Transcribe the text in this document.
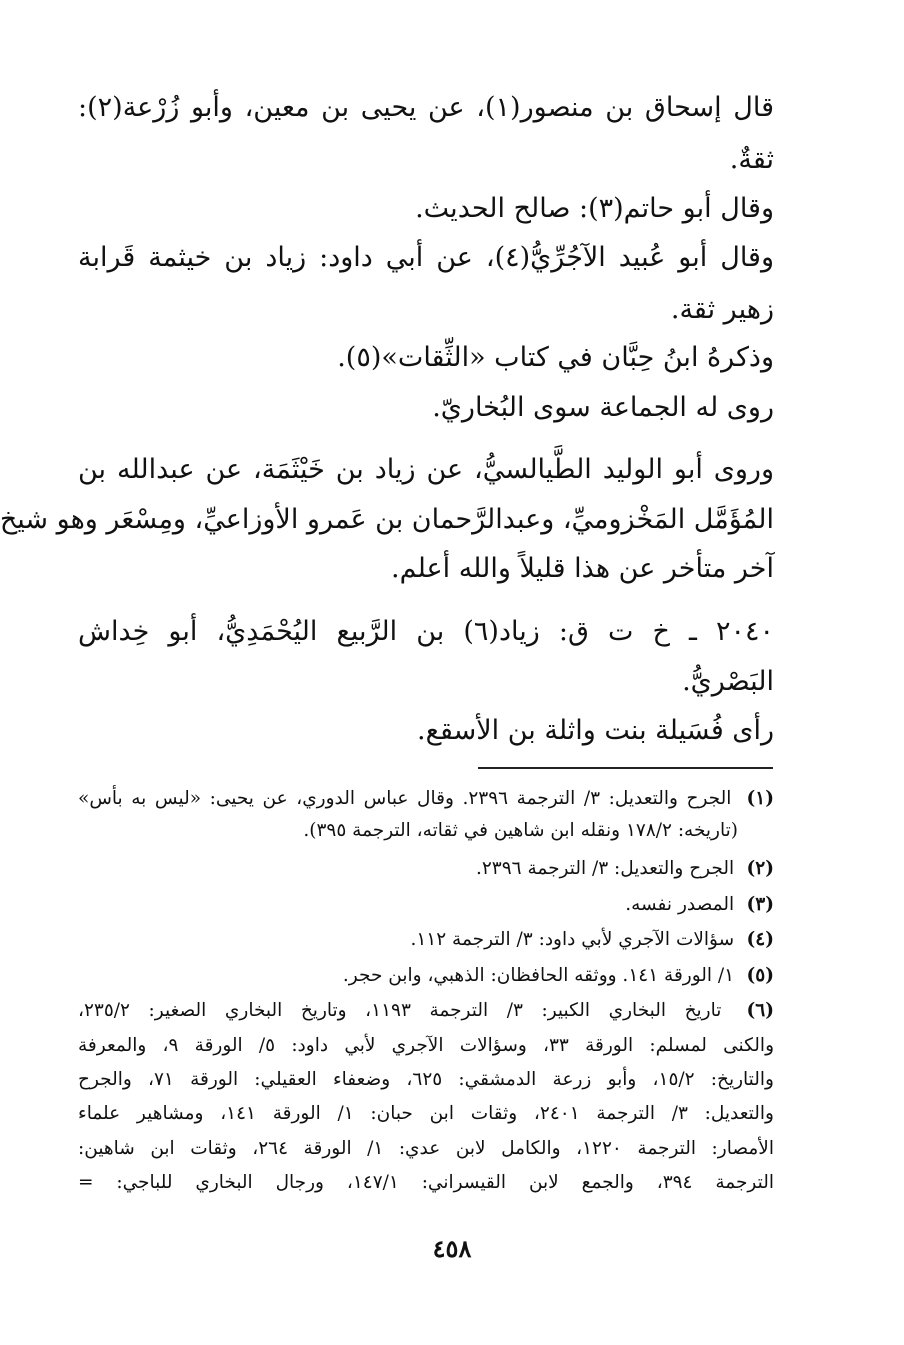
قال إسحاق بن منصور(١)، عن يحيى بن معين، وأبو زُرْعة(٢):
ثقةٌ.
وقال أبو حاتم(٣): صالح الحديث.
وقال أبو عُبيد الآجُرِّيُّ(٤)، عن أبي داود: زياد بن خيثمة قَرابة
زهير ثقة.
وذكرهُ ابنُ حِبَّان في كتاب «الثِّقات»(٥).
روى له الجماعة سوى البُخاريّ.
وروى أبو الوليد الطَّيالسيُّ، عن زياد بن خَيْثَمَة، عن عبدالله بن
المُؤَمَّل المَخْزوميِّ، وعبدالرَّحمان بن عَمرو الأوزاعيِّ، ومِسْعَر وهو شيخ
آخر متأخر عن هذا قليلاً والله أعلم.
٢٠٤٠ ـ خ ت ق: زياد(٦) بن الرَّبيع اليُحْمَدِيُّ، أبو خِداش
البَصْريُّ.
رأى فُسَيلة بنت واثلة بن الأسقع.
(١) الجرح والتعديل: ٣/ الترجمة ٢٣٩٦. وقال عباس الدوري، عن يحيى: «ليس به بأس»
(تاريخه: ١٧٨/٢ ونقله ابن شاهين في ثقاته، الترجمة ٣٩٥).
(٢) الجرح والتعديل: ٣/ الترجمة ٢٣٩٦.
(٣) المصدر نفسه.
(٤) سؤالات الآجري لأبي داود: ٣/ الترجمة ١١٢.
(٥) ١/ الورقة ١٤١. ووثقه الحافظان: الذهبي، وابن حجر.
(٦) تاريخ البخاري الكبير: ٣/ الترجمة ١١٩٣، وتاريخ البخاري الصغير: ٢٣٥/٢،
والكنى لمسلم: الورقة ٣٣، وسؤالات الآجري لأبي داود: ٥/ الورقة ٩، والمعرفة
والتاريخ: ١٥/٢، وأبو زرعة الدمشقي: ٦٢٥، وضعفاء العقيلي: الورقة ٧١، والجرح
والتعديل: ٣/ الترجمة ٢٤٠١، وثقات ابن حبان: ١/ الورقة ١٤١، ومشاهير علماء
الأمصار: الترجمة ١٢٢٠، والكامل لابن عدي: ١/ الورقة ٢٦٤، وثقات ابن شاهين:
الترجمة ٣٩٤، والجمع لابن القيسراني: ١٤٧/١، ورجال البخاري للباجي: =
٤٥٨
